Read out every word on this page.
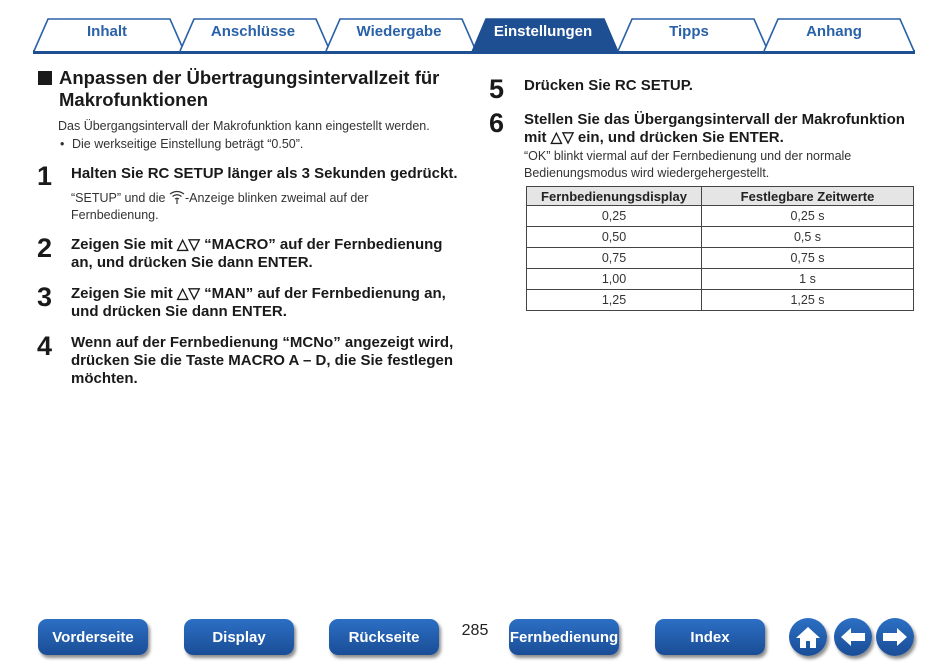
Inhalt	Anschlüsse	Wiedergabe	Einstellungen	Tipps	Anhang
Anpassen der Übertragungsintervallzeit für
Makrofunktionen
Das Übergangsintervall der Makrofunktion kann eingestellt werden.
• Die werkseitige Einstellung beträgt “0.50”.
1 Halten Sie RC SETUP länger als 3 Sekunden gedrückt.
“SETUP” und die -Anzeige blinken zweimal auf der
Fernbedienung.
2 Zeigen Sie mit △▽ “MACRO” auf der Fernbedienung
an, und drücken Sie dann ENTER.
3 Zeigen Sie mit △▽ “MAN” auf der Fernbedienung an,
und drücken Sie dann ENTER.
4 Wenn auf der Fernbedienung “MCNo” angezeigt wird,
drücken Sie die Taste MACRO A – D, die Sie festlegen
möchten.
5 Drücken Sie RC SETUP.
6 Stellen Sie das Übergangsintervall der Makrofunktion
mit △▽ ein, und drücken Sie ENTER.
“OK” blinkt viermal auf der Fernbedienung und der normale
Bedienungsmodus wird wiedergehergestellt.
Fernbedienungsdisplay	Festlegbare Zeitwerte
0,25	0,25 s
0,50	0,5 s
0,75	0,75 s
1,00	1 s
1,25	1,25 s
Vorderseite	Display	Rückseite	285	Fernbedienung	Index
